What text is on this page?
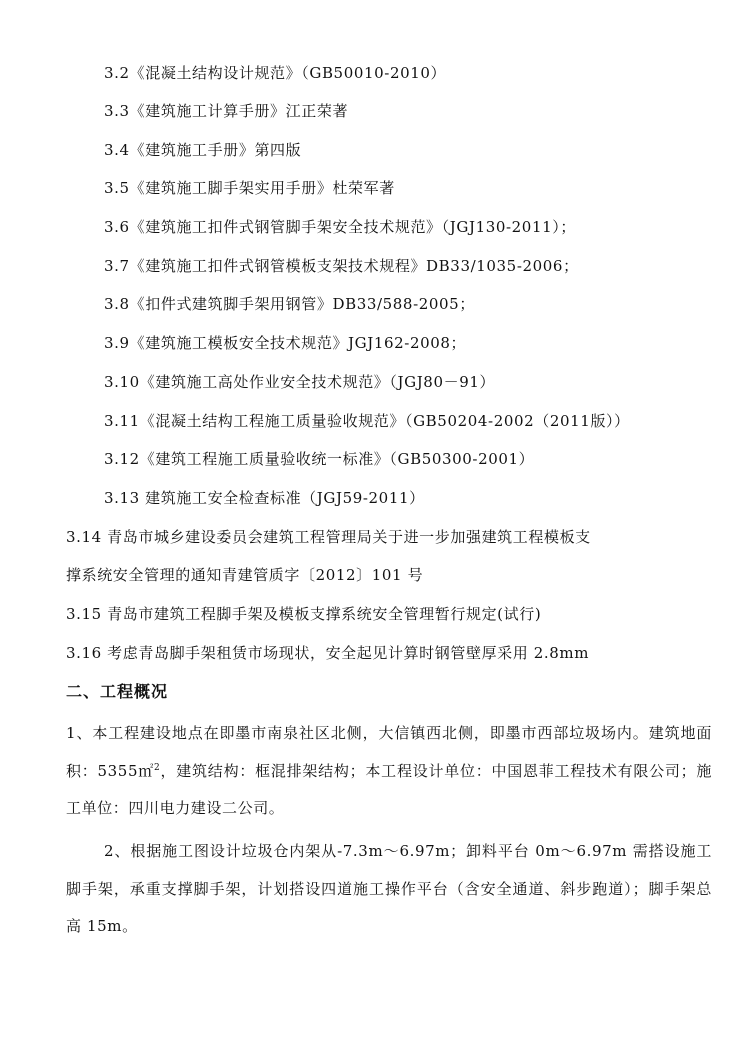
3.2《混凝土结构设计规范》（GB50010-2010）
3.3《建筑施工计算手册》江正荣著
3.4《建筑施工手册》第四版
3.5《建筑施工脚手架实用手册》杜荣军著
3.6《建筑施工扣件式钢管脚手架安全技术规范》（JGJ130-2011）；
3.7《建筑施工扣件式钢管模板支架技术规程》DB33/1035-2006；
3.8《扣件式建筑脚手架用钢管》DB33/588-2005；
3.9《建筑施工模板安全技术规范》JGJ162-2008；
3.10《建筑施工高处作业安全技术规范》（JGJ80－91）
3.11《混凝土结构工程施工质量验收规范》（GB50204-2002（2011版））
3.12《建筑工程施工质量验收统一标准》（GB50300-2001）
3.13 建筑施工安全检查标准（JGJ59-2011）
3.14 青岛市城乡建设委员会建筑工程管理局关于进一步加强建筑工程模板支
撑系统安全管理的通知青建管质字〔2012〕101 号
3.15 青岛市建筑工程脚手架及模板支撑系统安全管理暂行规定(试行)
3.16 考虑青岛脚手架租赁市场现状，安全起见计算时钢管壁厚采用 2.8mm
二、工程概况
1、本工程建设地点在即墨市南泉社区北侧，大信镇西北侧，即墨市西部垃圾场内。建筑地面积：5355㎡$^2$，建筑结构：框混排架结构；本工程设计单位：中国恩菲工程技术有限公司；施工单位：四川电力建设二公司。
2、根据施工图设计垃圾仓内架从-7.3m～6.97m；卸料平台 0m～6.97m 需搭设施工脚手架，承重支撑脚手架，计划搭设四道施工操作平台（含安全通道、斜步跑道）；脚手架总高 15m。
